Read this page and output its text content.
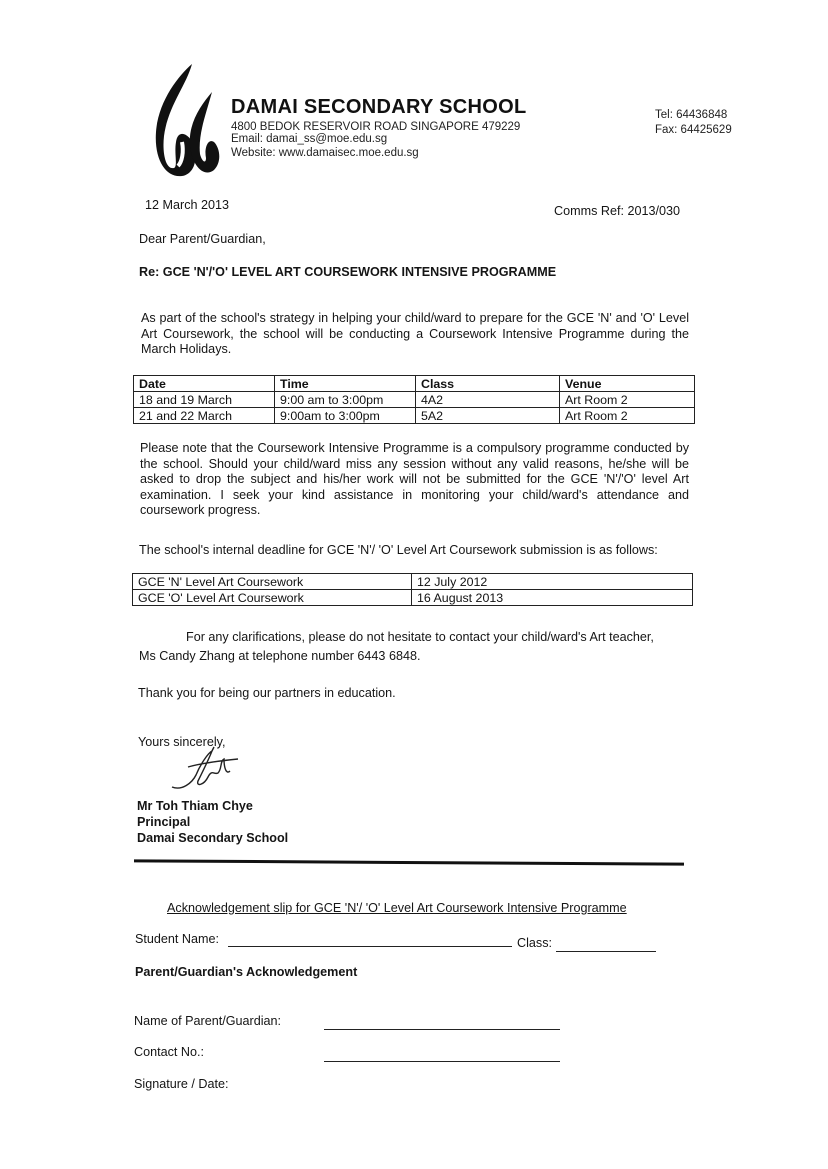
DAMAI SECONDARY SCHOOL
4800 BEDOK RESERVOIR ROAD SINGAPORE 479229
Email: damai_ss@moe.edu.sg
Website: www.damaisec.moe.edu.sg
Tel: 64436848
Fax: 64425629
12 March 2013	Comms Ref: 2013/030
Dear Parent/Guardian,
Re: GCE 'N'/'O' LEVEL ART COURSEWORK INTENSIVE PROGRAMME
As part of the school's strategy in helping your child/ward to prepare for the GCE 'N' and 'O' Level Art Coursework, the school will be conducting a Coursework Intensive Programme during the March Holidays.
Date	Time	Class	Venue
18 and 19 March	9:00 am to 3:00pm	4A2	Art Room 2
21 and 22 March	9:00am to 3:00pm	5A2	Art Room 2
Please note that the Coursework Intensive Programme is a compulsory programme conducted by the school. Should your child/ward miss any session without any valid reasons, he/she will be asked to drop the subject and his/her work will not be submitted for the GCE 'N'/'O' level Art examination. I seek your kind assistance in monitoring your child/ward's attendance and coursework progress.
The school's internal deadline for GCE 'N'/ 'O' Level Art Coursework submission is as follows:
GCE 'N' Level Art Coursework	12 July 2012
GCE 'O' Level Art Coursework	16 August 2013
For any clarifications, please do not hesitate to contact your child/ward's Art teacher,
Ms Candy Zhang at telephone number 6443 6848.
Thank you for being our partners in education.
Yours sincerely,
Mr Toh Thiam Chye
Principal
Damai Secondary School
Acknowledgement slip for GCE 'N'/ 'O' Level Art Coursework Intensive Programme
Student Name:	Class:
Parent/Guardian's Acknowledgement
Name of Parent/Guardian:
Contact No.:
Signature / Date:
